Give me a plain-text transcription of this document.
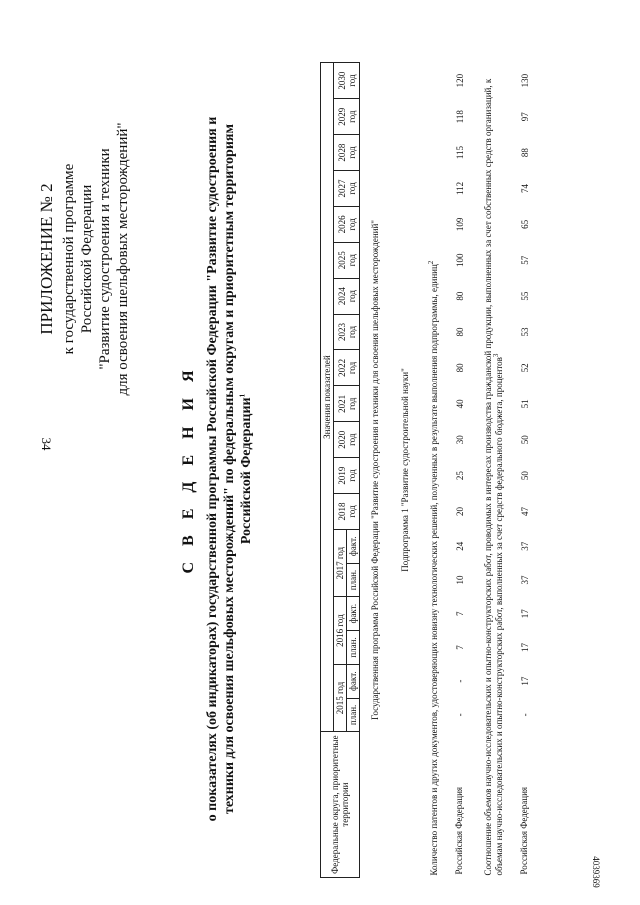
34
4039369
ПРИЛОЖЕНИЕ № 2 к государственной программе Российской Федерации "Развитие судостроения и техники для освоения шельфовых месторождений"
С В Е Д Е Н И Я о показателях (об индикаторах) государственной программы Российской Федерации "Развитие судостроения и техники для освоения шельфовых месторождений" по федеральным округам и приоритетным территориям Российской Федерации$^1$
Федеральные округа, приоритетные территории	Значения показателей																		
	2015 год		2016 год		2017 год		2018 год	2019 год	2020 год	2021 год	2022 год	2023 год	2024 год	2025 год	2026 год	2027 год	2028 год	2029 год	2030 год
	план.	факт.	план.	факт.	план.	факт.													
Государственная программа Российской Федерации "Развитие судостроения и техники для освоения шельфовых месторождений"																			
Подпрограмма 1 "Развитие судостроительной науки"																			
Количество патентов и других документов, удостоверяющих новизну технологических решений, полученных в результате выполнения подпрограммы, единиц$^2$
Российская Федерация	-	-	7	7	10	24	20	25	30	40	80	80	80	100	109	112	115	118	120
Соотношение объемов научно-исследовательских и опытно-конструкторских работ, проводимых в интересах производства гражданской продукции, выполненных за счет собственных средств организаций, к объемам научно-исследовательских и опытно-конструкторских работ, выполненных за счет средств федерального бюджета, процентов$^3$
Российская Федерация	-	17	17	17	37	37	47	50	50	51	52	53	55	57	65	74	88	97	130
